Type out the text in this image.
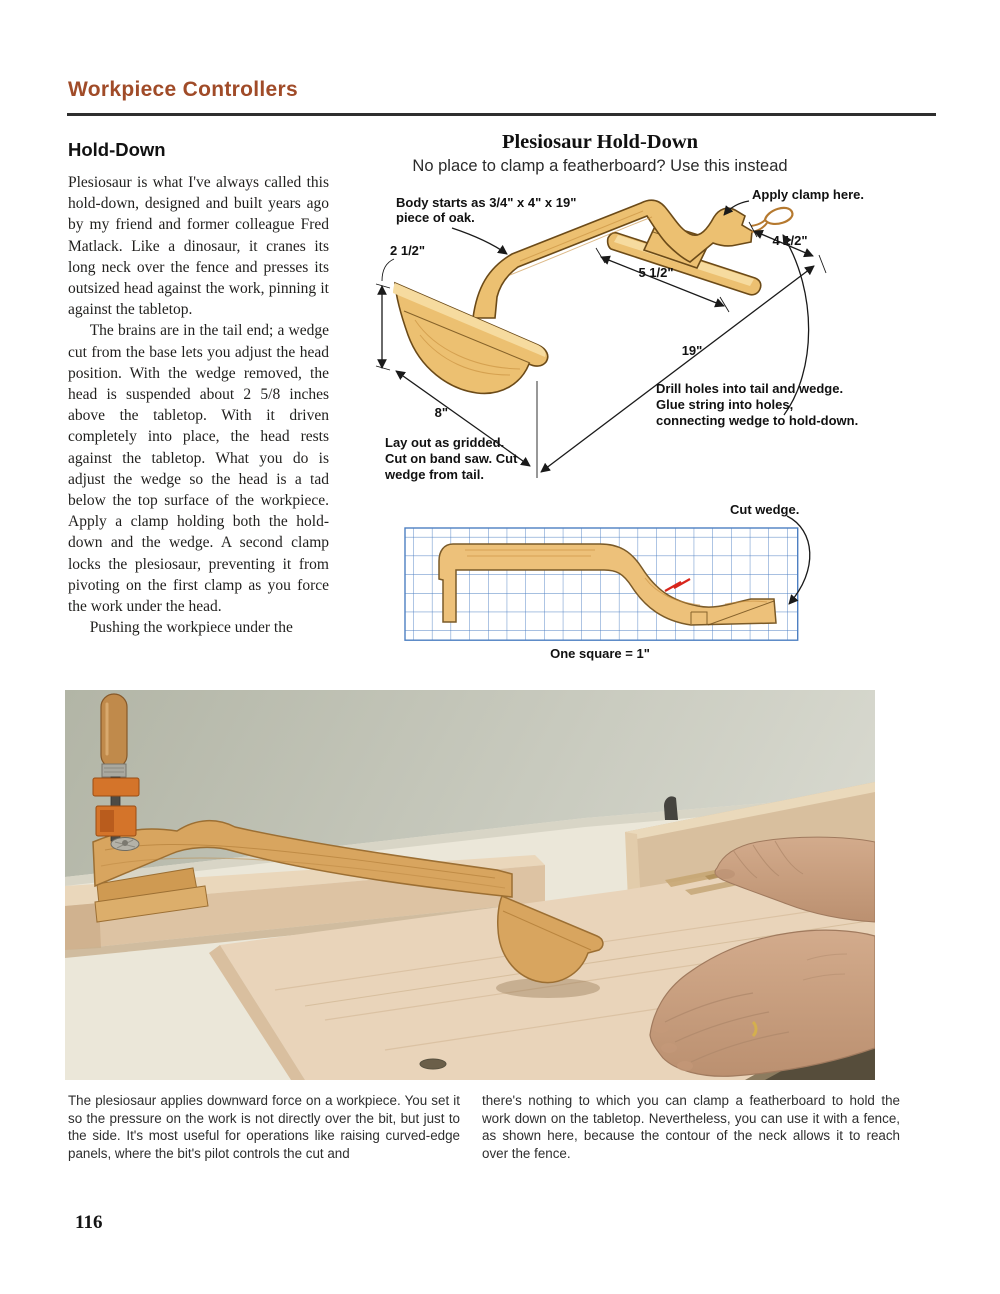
Workpiece Controllers
Hold-Down

Plesiosaur is what I've always called this hold-down, designed and built years ago by my friend and former colleague Fred Matlack. Like a dinosaur, it cranes its long neck over the fence and presses its outsized head against the work, pinning it against the tabletop.

The brains are in the tail end; a wedge cut from the base lets you adjust the head position. With the wedge removed, the head is suspended about 2 5/8 inches above the tabletop. With it driven completely into place, the head rests against the tabletop. What you do is adjust the wedge so the head is a tad below the top surface of the workpiece. Apply a clamp holding both the hold-down and the wedge. A second clamp locks the plesiosaur, preventing it from pivoting on the first clamp as you force the work under the head.

Pushing the workpiece under the

Plesiosaur Hold-Down
No place to clamp a featherboard? Use this instead
2 1/2"
8"
19"
5 1/2"
4 1/2"
Body starts as 3/4" x 4" x 19"
piece of oak.
Apply clamp here.
Drill holes into tail and wedge.
Glue string into holes,
connecting wedge to hold-down.
Lay out as gridded.
Cut on band saw. Cut
wedge from tail.
Cut wedge.
One square = 1"
The plesiosaur applies downward force on a workpiece. You set it so the pressure on the work is not directly over the bit, but just to the side. It's most useful for operations like raising curved-edge panels, where the bit's pilot controls the cut and
there's nothing to which you can clamp a featherboard to hold the work down on the tabletop. Nevertheless, you can use it with a fence, as shown here, because the contour of the neck allows it to reach over the fence.
116
